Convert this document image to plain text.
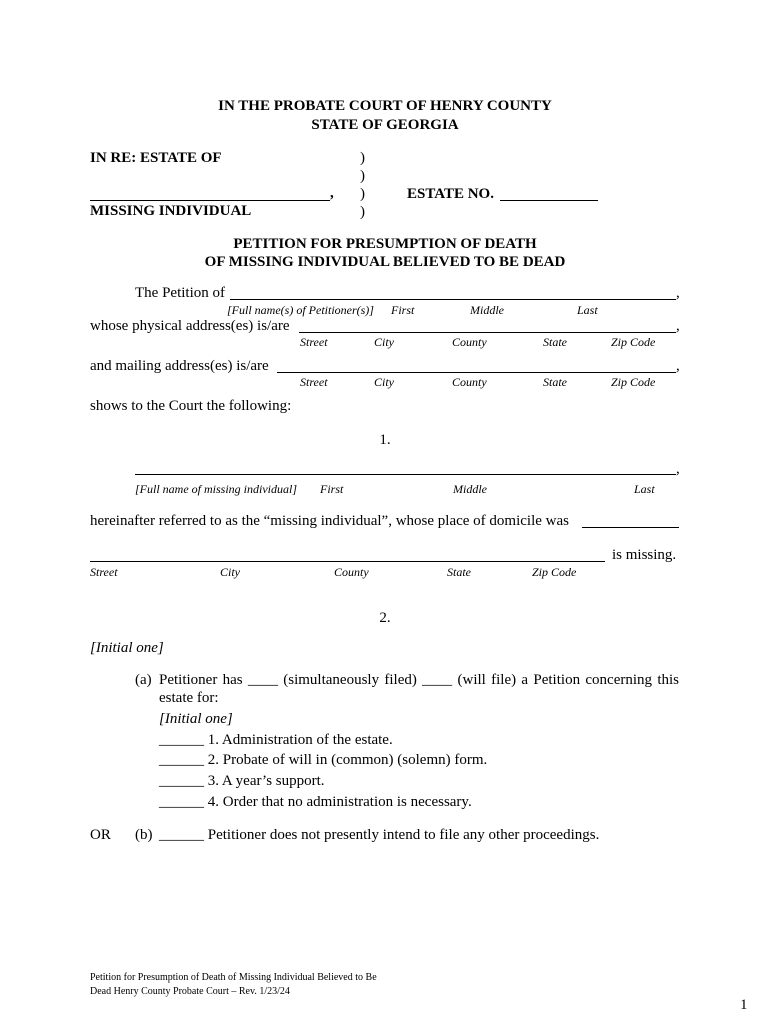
IN THE PROBATE COURT OF HENRY COUNTY
STATE OF GEORGIA
IN RE: ESTATE OF
,
MISSING INDIVIDUAL
)
)
)
)
ESTATE NO.
PETITION FOR PRESUMPTION OF DEATH
OF MISSING INDIVIDUAL BELIEVED TO BE DEAD
The Petition of	,
[Full name(s) of Petitioner(s)] First	Middle	Last
whose physical address(es) is/are	,
Street	City	County	State	Zip Code
and mailing address(es) is/are	,
Street	City	County	State	Zip Code
shows to the Court the following:
1.
,
[Full name of missing individual] First	Middle	Last
hereinafter referred to as the “missing individual”, whose place of domicile was
is missing.
Street	City	County	State	Zip Code
2.
[Initial one]
(a) Petitioner has ____ (simultaneously filed) ____ (will file) a Petition concerning this
estate for:
[Initial one]
______ 1. Administration of the estate.
______ 2. Probate of will in (common) (solemn) form.
______ 3. A year’s support.
______ 4. Order that no administration is necessary.
OR (b) ______ Petitioner does not presently intend to file any other proceedings.
Petition for Presumption of Death of Missing Individual Believed to Be
Dead Henry County Probate Court – Rev. 1/23/24
1
